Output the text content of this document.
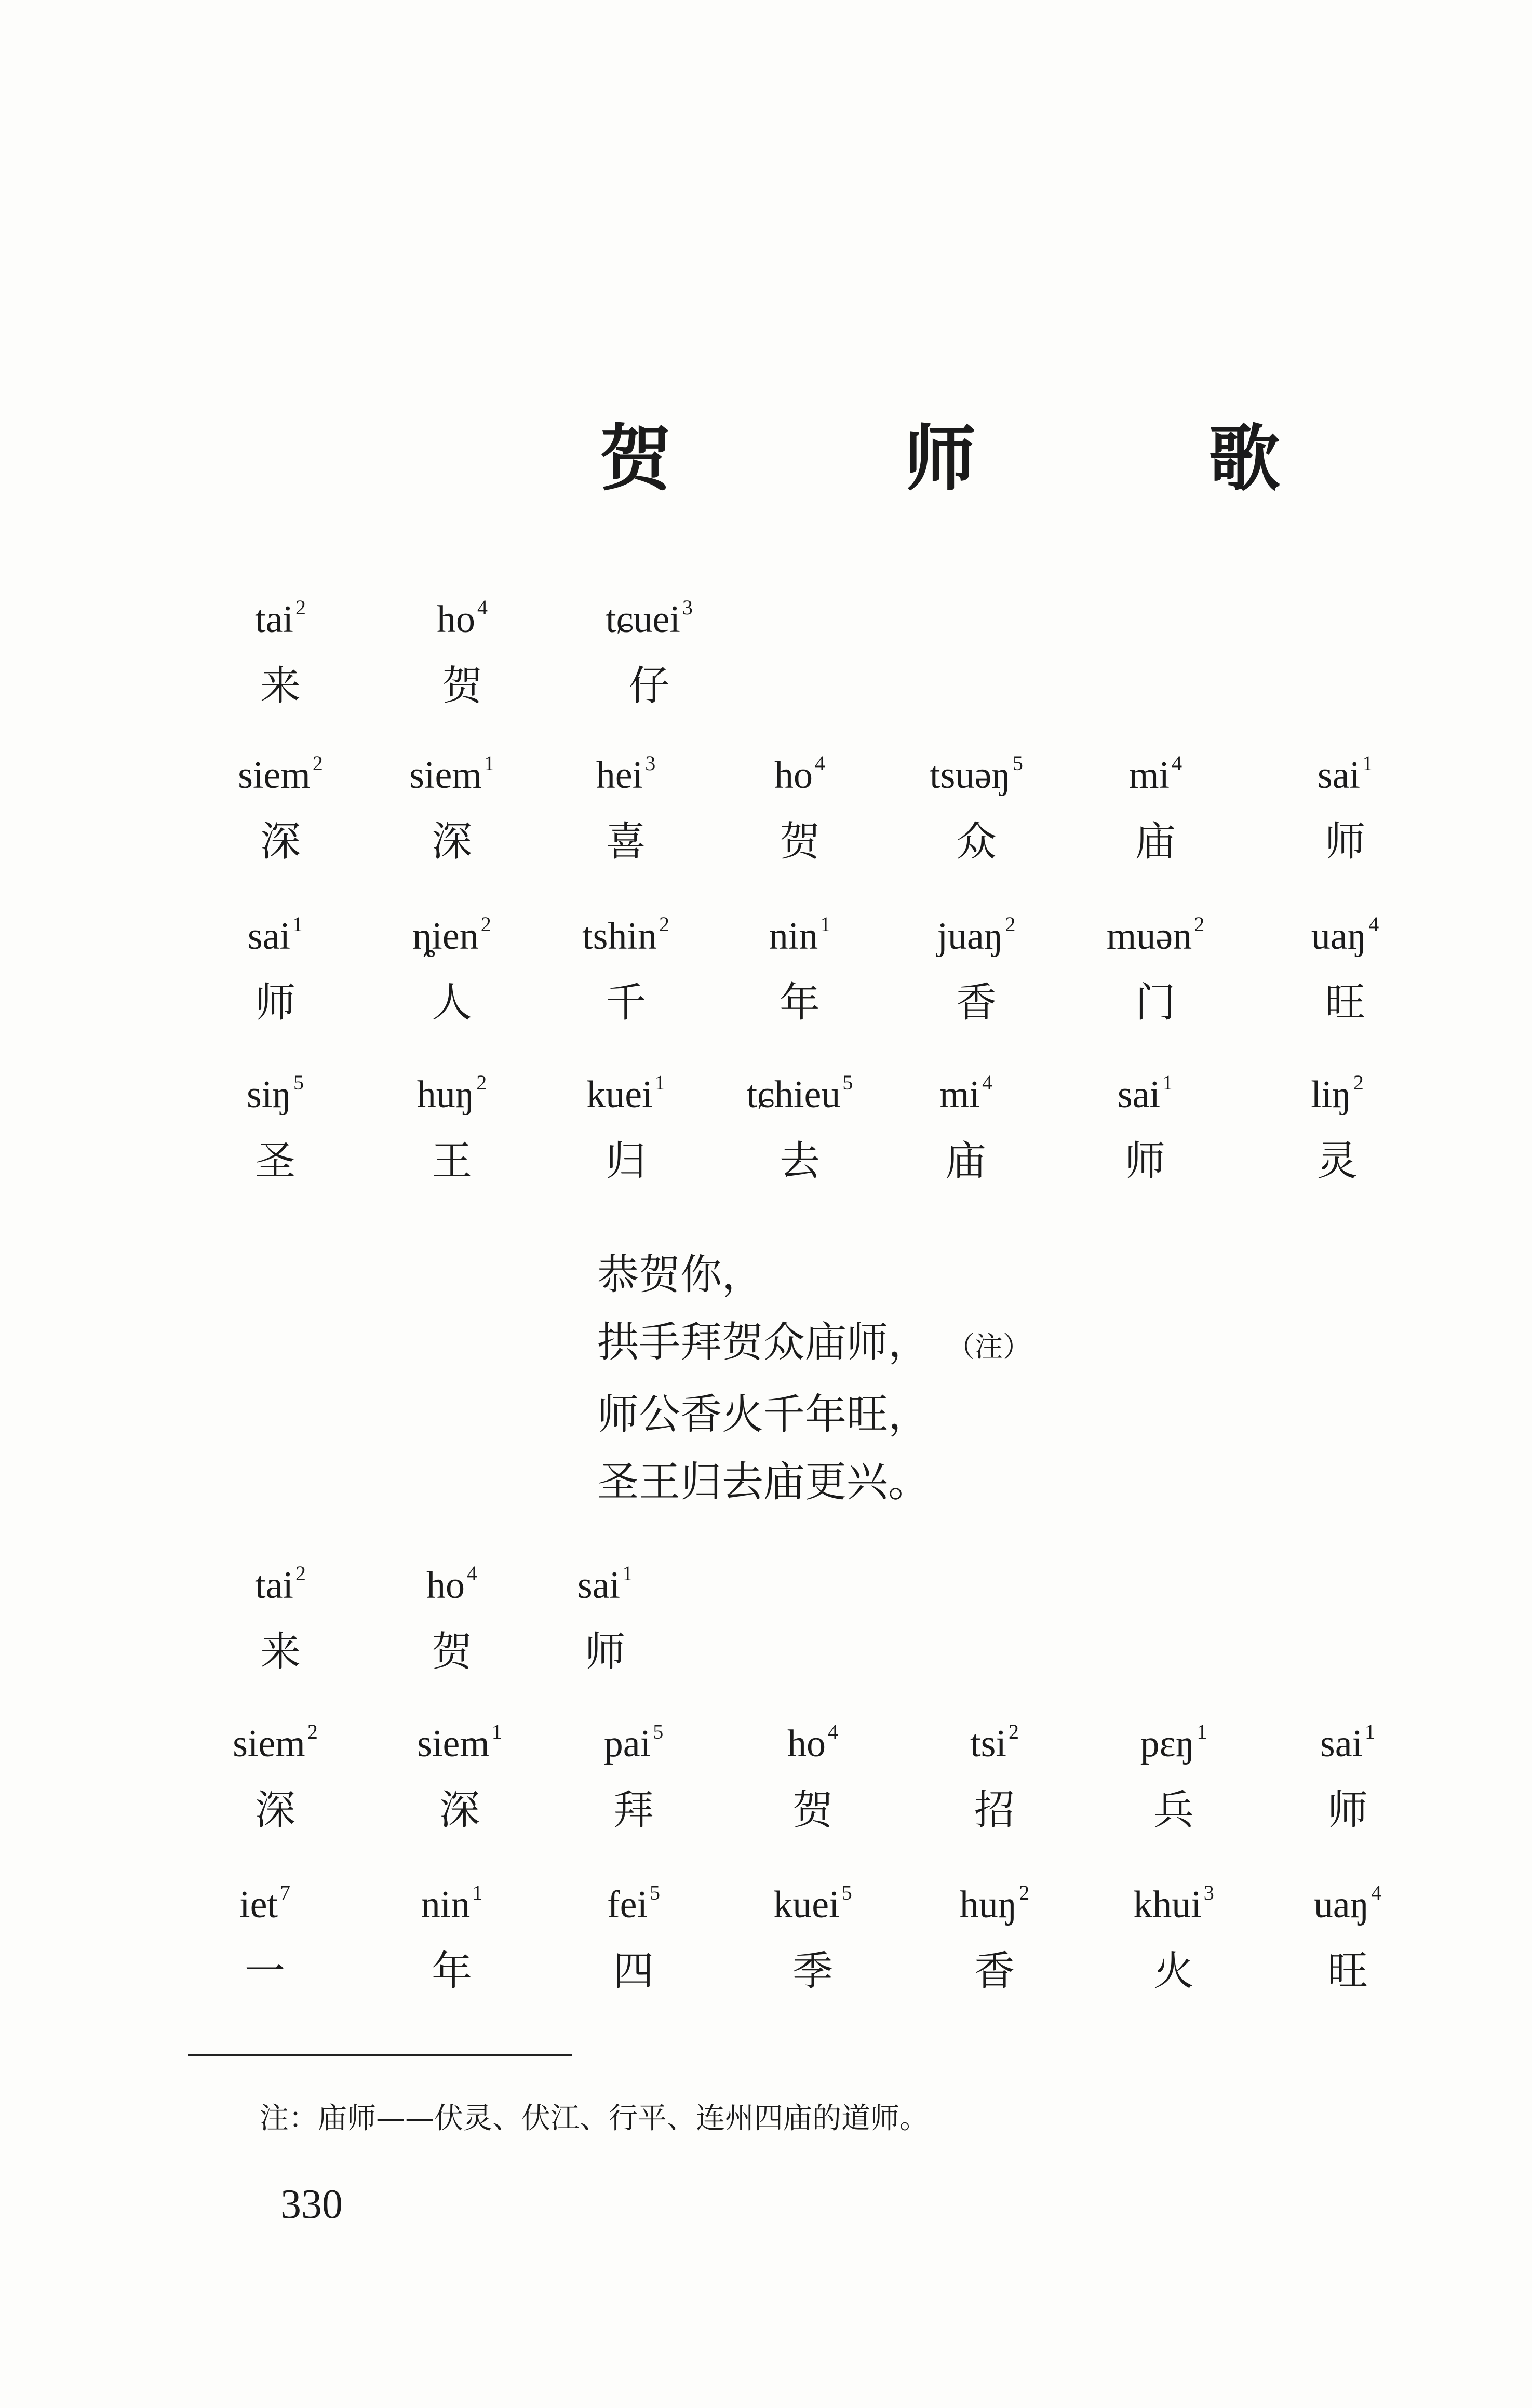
贺 师 歌
tai $^2$
来
ho $^4$
贺
tɕuei $^3$
仔
siem $^2$
深
siem $^1$
深
hei $^3$
喜
ho $^4$
贺
tsuəŋ $^5$
众
mi $^4$
庙
sai $^1$
师
sai $^1$
师
ȵien $^2$
人
tshin $^2$
千
nin $^1$
年
juaŋ $^2$
香
muən $^2$
门
uaŋ $^4$
旺
siŋ $^5$
圣
huŋ $^2$
王
kuei $^1$
归
tɕhieu $^5$
去
mi $^4$
庙
sai $^1$
师
liŋ $^2$
灵
恭贺你，
拱手拜贺众庙师， （注）
师公香火千年旺，
圣王归去庙更兴。
tai $^2$
来
ho $^4$
贺
sai $^1$
师
siem $^2$
深
siem $^1$
深
pai $^5$
拜
ho $^4$
贺
tsi $^2$
招
pɛŋ $^1$
兵
sai $^1$
师
iet $^7$
一
nin $^1$
年
fei $^5$
四
kuei $^5$
季
huŋ $^2$
香
khui $^3$
火
uaŋ $^4$
旺
注：庙师——伏灵、伏江、行平、连州四庙的道师。
330
